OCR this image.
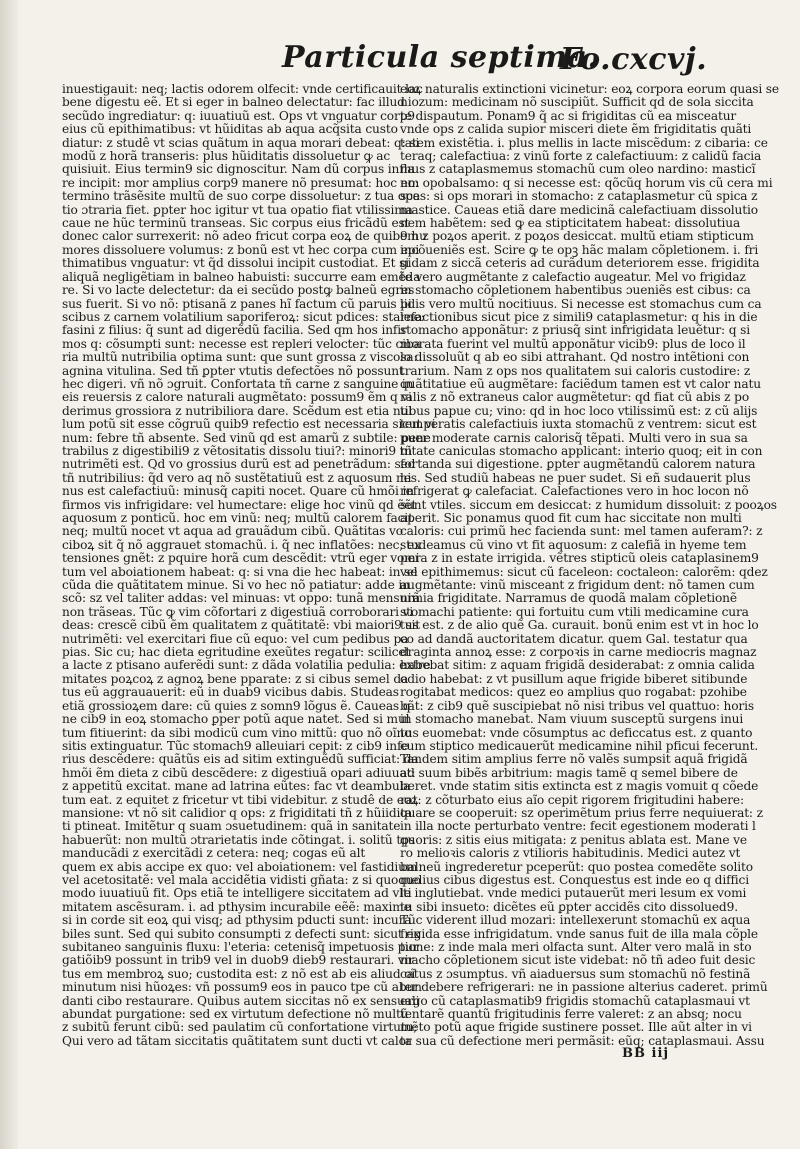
Particula septima.
Fo.cxcvj.
inuestigauit: neq; lactis odorem olfecit: vnde certificauit lac
bene digestu eẽ. Et si eger in balneo delectatur: fac illud
secũdo ingrediatur: q: iuuatiuũ est. Ops vt vnguatur corp9
eius cũ epithimatibus: vt hũiditas ab aqua acq̃sita custo
diatur: z studê vt scias quãtum in aqua morari debeat: q: si
modũ z horã transeris: plus hũiditatis dissoluetur ꝙ ac
quisiuit. Eius termin9 sic dignoscitur. Nam dũ corpus infla
re incipit: mor amplius corp9 manere nõ presumat: hoc em
termino trãsẽsite multũ de suo corpe dissoluetur: z tua opa
tio ɔtraria fiet. ꝑpter hoc igitur vt tua opatio fiat vtilissima
caue ne hũc terminũ transeas. Sic corpus eius fricãdũ est
donec calor surrexerit: nõ adeo fricut corpa eoꝝ de quib9 hu
mores dissoluere volumus: z bonũ est vt hec corpa cum epi
thimatibus vnguatur: vt q̃d dissolui incipit custodiat. Et si
aliquã negligẽtiam in balneo habuisti: succurre eam emẽda
re. Si vo lacte delectetur: da ei secũdo postꝙ balneũ egres
sus fuerit. Si vo nõ: ptisanã z panes hĩ factum cũ paruis pi
scibus z carnem volatilium saporiferoꝝ: sicut pdices: starne:
fasini z filius: q̃ sunt ad digerẽdũ facilia. Sed qm hos infir
mos q: cõsumpti sunt: necesse est repleri velocter: tũc ciba
ria multũ nutribilia optima sunt: que sunt grossa z viscosa:
agnina vitulina. Sed tñ ꝑpter vtutis defectões nõ possunt
hec digeri. vñ nõ ɔgruit. Confortata tñ carne z sanguine in
eis reuersis z calore naturali augmẽtato: possum9 ẽm q vi
derimus grossiora z nutribiliora dare. Scẽdum est etia nul
lum potũ sit esse cõgruũ quib9 refectio est necessaria sicut vi
num: febre tñ absente. Sed vinũ qd est amarũ z subtile: pene
trabilus z digestibili9 z vẽtositatis dissolu tiui?: minori9 tñ
nutrimẽti est. Qd vo grossius durũ est ad penetrãdum: sed
tñ nutribilius: q̃d vero aq nõ sustẽtatiuũ est z aquosum mi
nus est calefactiuũ: minusq̃ capiti nocet. Quare cũ hmõi in
firmos vis infrigidare: vel humectare: elige hoc vinũ qd ẽẽt
aquosum z ponticũ. hoc em vinũ: neq; multũ calorem facit
neq; multũ nocet vt aqua ad grauãdum cibũ. Quãtitas vo
ciboꝝ sit q̃ nõ aggrauet stomachũ. i. q̃ nec inflatões: nec; ex
tensiones gnẽt: z pquire horã cum descẽdit: vtrũ eger vomi
tum vel aboiationem habeat: q: si vna die hec habeat: in se
cũda die quãtitatem minue. Si vo hec nõ patiatur: adde in
scõ: sz vel taliter addas: vel minuas: vt oppo: tunã mensurã
non trãseas. Tũc ꝙ vim cõfortari z digestiuã corroborari vi
deas: crescẽ cibũ ẽm qualitatem z quãtitatẽ: vbi maiori9 sit
nutrimẽti: vel exercitari fiue cũ equo: vel cum pedibus pa
pias. Sic cu; hac dieta egritudine exeũtes regatur: scilicet
a lacte z ptisano auferẽdi sunt: z dãda volatilia pedulia: extre
mitates poꝝcoꝝ z agnoꝝ bene pparate: z si cibus semel da
tus eũ aggrauauerit: eũ in duab9 vicibus dabis. Studeas
etiã grossioꝝem dare: cũ quies z somn9 lõgus ẽ. Caueas q
ne cib9 in eoꝝ stomacho ꝑper potũ aque natet. Sed si mul
tum fitiuerint: da sibi modicũ cum vino mittũ: quo nõ oĩno
sitis extinguatur. Tũc stomach9 alleuiari cepit: z cib9 infe
rius descẽdere: quãtũs eis ad sitim extinguẽdũ sufficiat: da
hmõi ẽm dieta z cibũ descẽdere: z digestiuã opari adiuuat:
z appetitũ excitat. mane ad latrina eũtes: fac vt deambula
tum eat. z equitet z fricetur vt tibi videbitur. z studê de eoꝝ
mansione: vt nõ sit calidior q ops: z frigiditati tñ z hũiidita
ti ptineat. Imitẽtur q suam ɔsuetudinem: quã in sanitate
habuerũt: non multũ ɔtrarietatis inde cõtingat. i. solitũ tps
manducãdi z exercitãdi z cetera: neq; cogas eũ alt
quem ex abis accipe ex quo: vel aboiationem: vel fastidium
vel acetositatẽ: vel mala accidẽtia vidisti gñata: z si quoquo
modo iuuatiuũ fit. Ops etiã te intelligere siccitatem ad vlti
mitatem ascẽsuram. i. ad pthysim incurabile eẽẽ: maxime
si in corde sit eoꝝ qui visq; ad pthysim pducti sunt: incura
biles sunt. Sed qui subito consumpti z defecti sunt: sicut ex
subitaneo sanguinis fluxu: l'eteria: cetenisq̃ impetuosis pur
gatiõib9 possunt in trib9 vel in duob9 dieb9 restaurari. vir
tus em membroꝝ suo; custodita est: z nõ est ab eis aliud oĩ
minutum nisi hũoꝝes: vñ possum9 eos in pauco tpe cũ abun
danti cibo restaurare. Quibus autem siccitas nõ ex sensuali
abundat purgatione: sed ex virtutum defectione nõ multũ
z subitũ ferunt cibũ: sed paulatim cũ confortatione virtutu;
Qui vero ad tãtam siccitatis quãtitatem sunt ducti vt calor
eoꝝ naturalis extinctioni vicinetur: eoꝝ corpora eorum quasi se
niozum: medicinam nõ suscipiũt. Sufficit qd de sola siccita
te dispautum. Ponam9 q̃ ac si frigiditas cũ ea misceatur
vnde ops z calida supior misceri diete ẽm frigiditatis quãti
tatem existẽtia. i. plus mellis in lacte miscẽdum: z cibaria: ce
teraq; calefactiua: z vinũ forte z calefactiuum: z calidũ facia
mus z cataplasmemus stomachũ cum oleo nardino: masticĩ
no: opobalsamo: q si necesse est: qõcũq horum vis cũ cera mi
sces: si ops morari in stomacho: z cataplasmetur cũ spica z
mastice. Caueas etiã dare medicinã calefactiuam dissolutio
nem habẽtem: sed ꝙ ea stipticitatem habeat: dissolutiua
em z poꝝos aperit. z poꝝos desiccat. multũ etiam stipticum
incõueniẽs est. Scire ꝙ te opꝫ hãc malam cõpletionem. i. fri
gidam z siccã ceteris ad curãdum deteriorem esse. frigidita
te vero augmẽtante z calefactio augeatur. Mel vo frigidaz
in stomacho cõpletionem habentibus ɔueniẽs est cibus: ca
lidis vero multũ nocitiuus. Si necesse est stomachus cum ca
lefactionibus sicut pice z simili9 cataplasmetur: q his in die
stomacho apponãtur: z priusq̃ sint infrigidata leuẽtur: q si
morata fuerint vel multũ apponãtur vicib9: plus de loco il
lo dissoluũt q ab eo sibi attrahant. Qd nostro intẽtioni con
trarium. Nam z ops nos qualitatem sui caloris custodire: z
quãtitatiue eũ augmẽtare: faciẽdum tamen est vt calor natu
ralis z nõ extraneus calor augmẽtetur: qd fiat cũ abis z po
tibus papue cu; vino: qd in hoc loco vtilissimũ est: z cũ alijs
temperatis calefactiuis iuxta stomachũ z ventrem: sicut est
puer moderate carnis calorisq̃ tẽpati. Multi vero in sua sa
nitate caniculas stomacho applicant: interio quoq; eit in con
fortanda sui digestione. ꝑpter augmẽtandũ calorem natura
les. Sed studiũ habeas ne puer sudet. Si eñ sudauerit plus
refrigerat ꝙ calefaciat. Calefactiones vero in hoc locon nõ
sunt vtiles. siccum em desiccat: z humidum dissoluit: z pooꝝos
aperit. Sic ponamus quod fit cum hac siccitate non multi
caloris: cui primũ hec facienda sunt: mel tamen auferam?: z
studeamus cũ vino vt fit aquosum: z calefiã in hyeme tem
pera z in estate irrigida. vẽtres stipticũ oleis cataplasinem9
vel epithimemus: sicut cũ faceleon: coctaleon: calorẽm: qdez
augmẽtante: vinũ misceant z frigidum dent: nõ tamen cum
nimia frigiditate. Narramus de quodã malam cõpletionẽ
stomachi patiente: qui fortuitu cum vtili medicamine cura
tus est. z de alio quẽ Ga. curauit. bonũ enim est vt in hoc lo
co ad dandã auctoritatem dicatur. quem Gal. testatur qua
draginta annoꝝ esse: z corpoꝛis in carne mediocris magnaz
habebat sitim: z aquam frigidã desiderabat: z omnia calida
odio habebat: z vt pusillum aque frigide biberet sitibunde
rogitabat medicos: quez eo amplius quo rogabat: pzohibe
bãt: z cib9 quẽ suscipiebat nõ nisi tribus vel quattuo: horis
in stomacho manebat. Nam viuum susceptũ surgens inui
tus euomebat: vnde cõsumptus ac deficcatus est. z quanto
cum stiptico medicauerũt medicamine nihil pficui fecerunt.
Tandem sitim amplius ferre nõ valẽs sumpsit aquã frigidã
ad suum bibẽs arbitrium: magis tamẽ q semel bibere de
beret. vnde statim sitis extincta est z magis vomuit q cõede
rat: z cõturbato eius aĩo cepit rigorem frigitudini habere:
quare se cooperuit: sz operimẽtum prius ferre nequiuerat: z
in illa nocte perturbato ventre: fecit egestionem moderati l
quoris: z sitis eius mitigata: z penitus ablata est. Mane ve
ro melioꝛis caloris z vtilioris habitudinis. Medici autez vt
balneũ ingrederetur pceperũt: quo postea comedẽte solito
melius cibus digestus est. Conquestus est inde eo q diffici
le inglutiebat. vnde medici putauerũt meri lesum ex vomi
tu sibi insueto: dicẽtes eũ ꝑpter accidẽs cito dissolued9.
Tũc viderent illud mozari: intellexerunt stomachũ ex aqua
frigida esse infrigidatum. vnde sanus fuit de illa mala cõple
tione: z inde mala meri olfacta sunt. Alter vero malã in sto
macho cõpletionem sicut iste videbat: nõ tñ adeo fuit desic
catus z ɔsumptus. vñ aiaduersus sum stomachũ nõ festinã
ter debere refrigerari: ne in passione alterius caderet. primũ
ergo cũ cataplasmatib9 frigidis stomachũ cataplasmaui vt
tentarẽ quantũ frigitudinis ferre valeret: z an absq; nocu
mẽto potũ aque frigide sustinere posset. Ille aũt alter in vi
ta sua cũ defectione meri permãsit: eũq; cataplasmaui. Assu
BB iij
